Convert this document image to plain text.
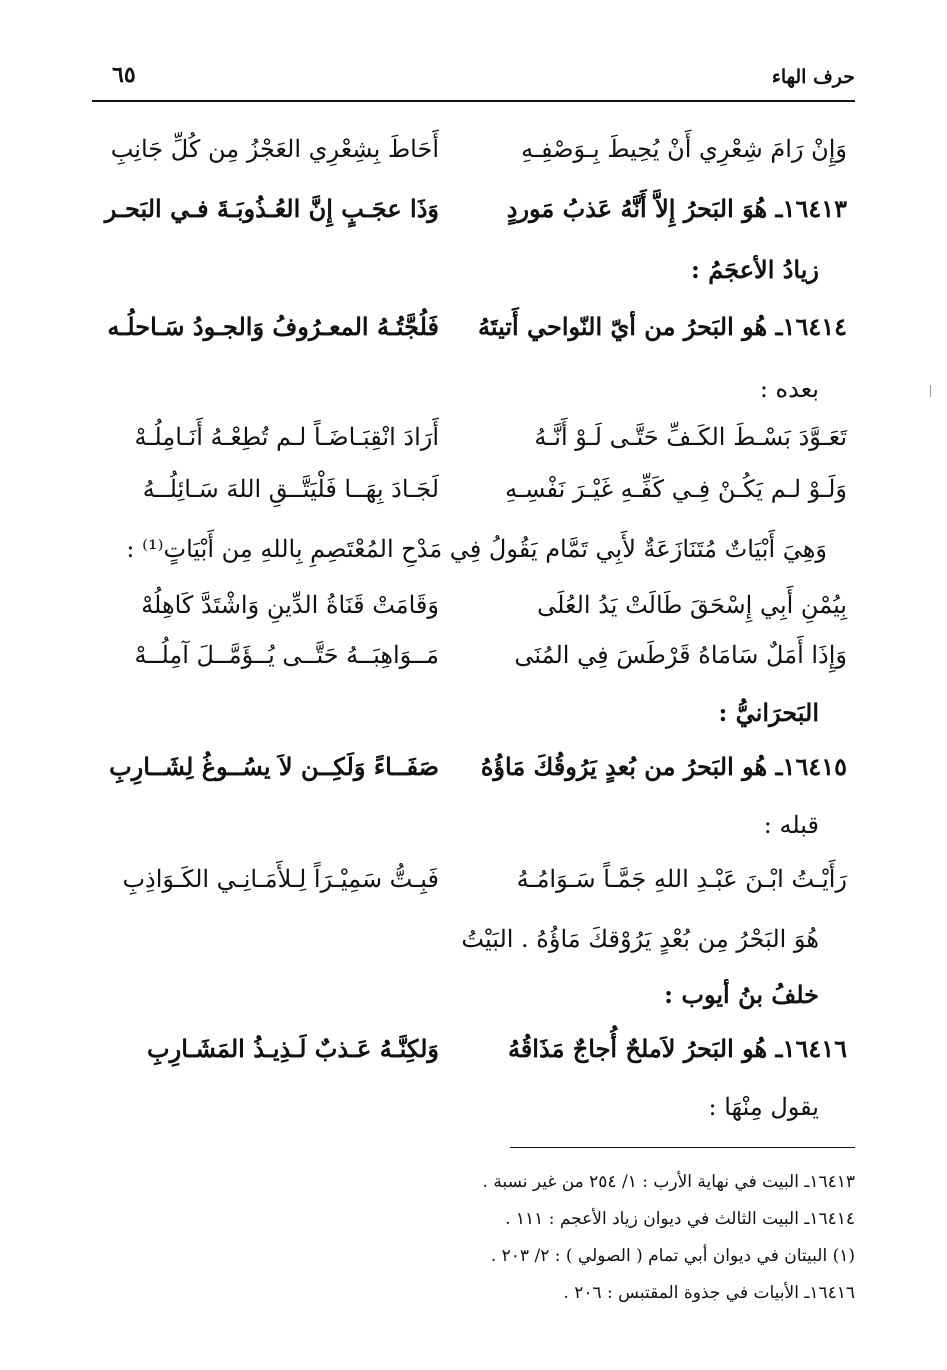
حرف الهاء
٦٥
وَإِنْ رَامَ شِعْرِي أَنْ يُحِيطَ بِـوَصْفِـهِ
أَحَاطَ بِشِعْرِي العَجْزُ مِن كُلِّ جَانِبِ
١٦٤١٣ـ هُوَ البَحرُ إِلاَّ أَنَّهُ عَذبُ مَوردٍ
وَذَا عجَـبٍ إِنَّ العُـذُوبَـةَ فـي البَحـر
زيادُ الأعجَمُ :
١٦٤١٤ـ هُو البَحرُ من أيّ النّواحي أَتيتَهُ
فَلُجَّتُـهُ المعـرُوفُ وَالجـودُ سَـاحلُـه
بعده :
تَعَـوَّدَ بَسْـطَ الكَـفِّ حَتَّـى لَـوْ أَنَّـهُ
أَرَادَ انْقِبَـاضَـاً لـم تُطِعْـهُ أَنَـامِلُـهْ
وَلَـوْ لـم يَكُـنْ فِـي كَفِّـهِ غَيْـرَ نَفْسِـهِ
لَجَـادَ بِهَــا فَلْيَتَّــقِ اللهَ سَـائِلُــهُ
وَهِيَ أَبْيَاتٌ مُتَنَازَعَةٌ لأَبِي تَمَّام يَقُولُ فِي مَدْحِ المُعْتَصِمِ بِاللهِ مِن أَبْيَاتٍ⁽¹⁾ :
بِيُمْنِ أَبِي إِسْحَقَ طَالَتْ يَدُ العُلَى
وَقَامَتْ قَنَاةُ الدِّينِ وَاشْتَدَّ كَاهِلُهْ
وَإِذَا أَمَلٌ سَامَاهُ قَرْطَسَ فِي المُنَى
مَــوَاهِبَــهُ حَتَّــى يُــؤَمَّــلَ آمِلُــهْ
البَحرَانيُّ :
١٦٤١٥ـ هُو البَحرُ من بُعدٍ يَرُوقُكَ مَاؤُهُ
صَفَــاءً وَلَكِــن لاَ يسُــوغُ لِشَــارِبِ
قبله :
رَأَيْـتُ ابْـنَ عَبْـدِ اللهِ جَمَّـاً سَـوَامُـهُ
فَبِـتُّ سَمِيْـرَاً لِـلأَمَـانِـي الكَـوَاذِبِ
هُوَ البَحْرُ مِن بُعْدٍ يَرُوْقكَ مَاؤُهُ . البَيْتُ
خلفُ بنُ أيوب :
١٦٤١٦ـ هُو البَحرُ لاَملحٌ أُجاجٌ مَذَاقُهُ
وَلكِنَّـهُ عَـذبٌ لَـذِيـذُ المَشَـارِبِ
يقول مِنْهَا :
١٦٤١٣ـ البيت في نهاية الأرب : ١/ ٢٥٤ من غير نسبة .
١٦٤١٤ـ البيت الثالث في ديوان زياد الأعجم : ١١١ .
(١) البيتان في ديوان أبي تمام ( الصولي ) : ٢/ ٢٠٣ .
١٦٤١٦ـ الأبيات في جذوة المقتبس : ٢٠٦ .
